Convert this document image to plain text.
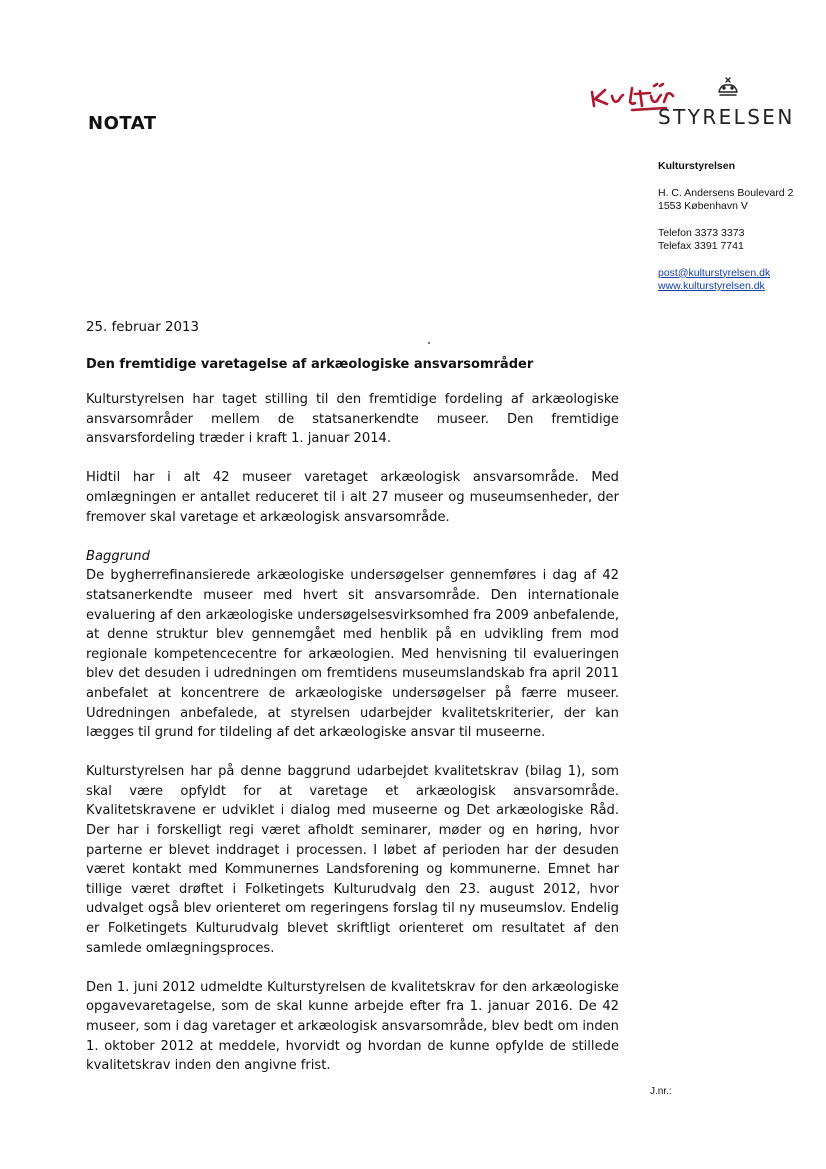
NOTAT	STYRELSEN
Kulturstyrelsen
H. C. Andersens Boulevard 2
1553 København V
Telefon 3373 3373
Telefax 3391 7741
post@kulturstyrelsen.dk
www.kulturstyrelsen.dk
25. februar 2013
Den fremtidige varetagelse af arkæologiske ansvarsområder

Kulturstyrelsen har taget stilling til den fremtidige fordeling af arkæologiske ansvarsområder mellem de statsanerkendte museer. Den fremtidige ansvarsfordeling træder i kraft 1. januar 2014.

Hidtil har i alt 42 museer varetaget arkæologisk ansvarsområde. Med omlægningen er antallet reduceret til i alt 27 museer og museumsenheder, der fremover skal varetage et arkæologisk ansvarsområde.

Baggrund
De bygherrefinansierede arkæologiske undersøgelser gennemføres i dag af 42 statsanerkendte museer med hvert sit ansvarsområde. Den internationale evaluering af den arkæologiske undersøgelsesvirksomhed fra 2009 anbefalende, at denne struktur blev gennemgået med henblik på en udvikling frem mod regionale kompetencecentre for arkæologien. Med henvisning til evalueringen blev det desuden i udredningen om fremtidens museumslandskab fra april 2011 anbefalet at koncentrere de arkæologiske undersøgelser på færre museer. Udredningen anbefalede, at styrelsen udarbejder kvalitetskriterier, der kan lægges til grund for tildeling af det arkæologiske ansvar til museerne.

Kulturstyrelsen har på denne baggrund udarbejdet kvalitetskrav (bilag 1), som skal være opfyldt for at varetage et arkæologisk ansvarsområde. Kvalitetskravene er udviklet i dialog med museerne og Det arkæologiske Råd. Der har i forskelligt regi været afholdt seminarer, møder og en høring, hvor parterne er blevet inddraget i processen. I løbet af perioden har der desuden været kontakt med Kommunernes Landsforening og kommunerne. Emnet har tillige været drøftet i Folketingets Kulturudvalg den 23. august 2012, hvor udvalget også blev orienteret om regeringens forslag til ny museumslov. Endelig er Folketingets Kulturudvalg blevet skriftligt orienteret om resultatet af den samlede omlægningsproces.

Den 1. juni 2012 udmeldte Kulturstyrelsen de kvalitetskrav for den arkæologiske opgavevaretagelse, som de skal kunne arbejde efter fra 1. januar 2016. De 42 museer, som i dag varetager et arkæologisk ansvarsområde, blev bedt om inden 1. oktober 2012 at meddele, hvorvidt og hvordan de kunne opfylde de stillede kvalitetskrav inden den angivne frist.

J.nr.:
